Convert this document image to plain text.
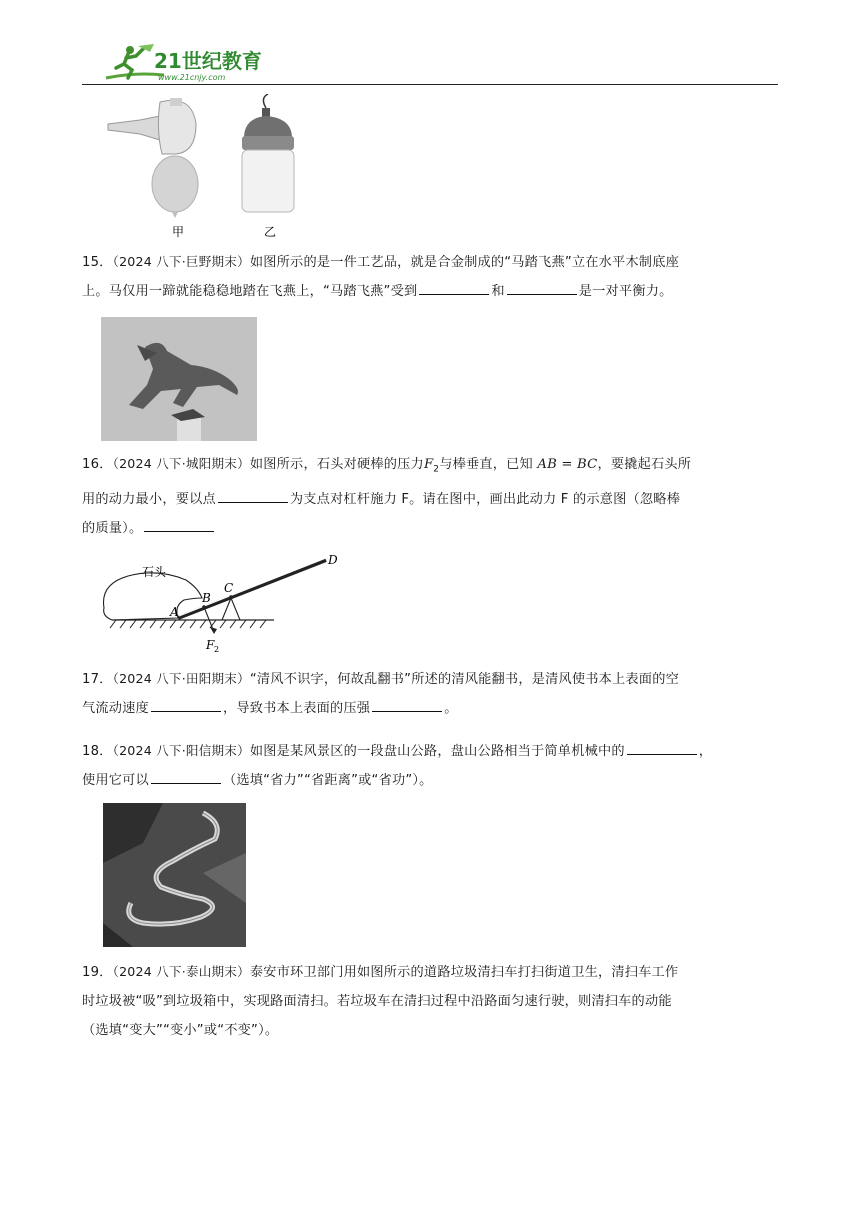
21世纪教育
www.21cnjy.com
甲	乙
15．（2024 八下·巨野期末）如图所示的是一件工艺品，就是合金制成的“马踏飞燕”立在水平木制底座
上。马仅用一蹄就能稳稳地踏在飞燕上，“马踏飞燕”受到	和	是一对平衡力。
16．（2024 八下·城阳期末）如图所示，石头对硬棒的压力$F_2$与棒垂直，已知 AB = BC，要撬起石头所
用的动力最小，要以点	为支点对杠杆施力 F。请在图中，画出此动力 F 的示意图（忽略棒
的质量）。
石头
A
B
C
D
F 2
17．（2024 八下·田阳期末）“清风不识字，何故乱翻书”所述的清风能翻书，是清风使书本上表面的空
气流动速度	，导致书本上表面的压强	。
18．（2024 八下·阳信期末）如图是某风景区的一段盘山公路，盘山公路相当于简单机械中的	，
使用它可以	（选填“省力”“省距离”或“省功”）。
19．（2024 八下·泰山期末）泰安市环卫部门用如图所示的道路垃圾清扫车打扫街道卫生，清扫车工作
时垃圾被“吸”到垃圾箱中，实现路面清扫。若垃圾车在清扫过程中沿路面匀速行驶，则清扫车的动能
（选填“变大”“变小”或“不变”）。
